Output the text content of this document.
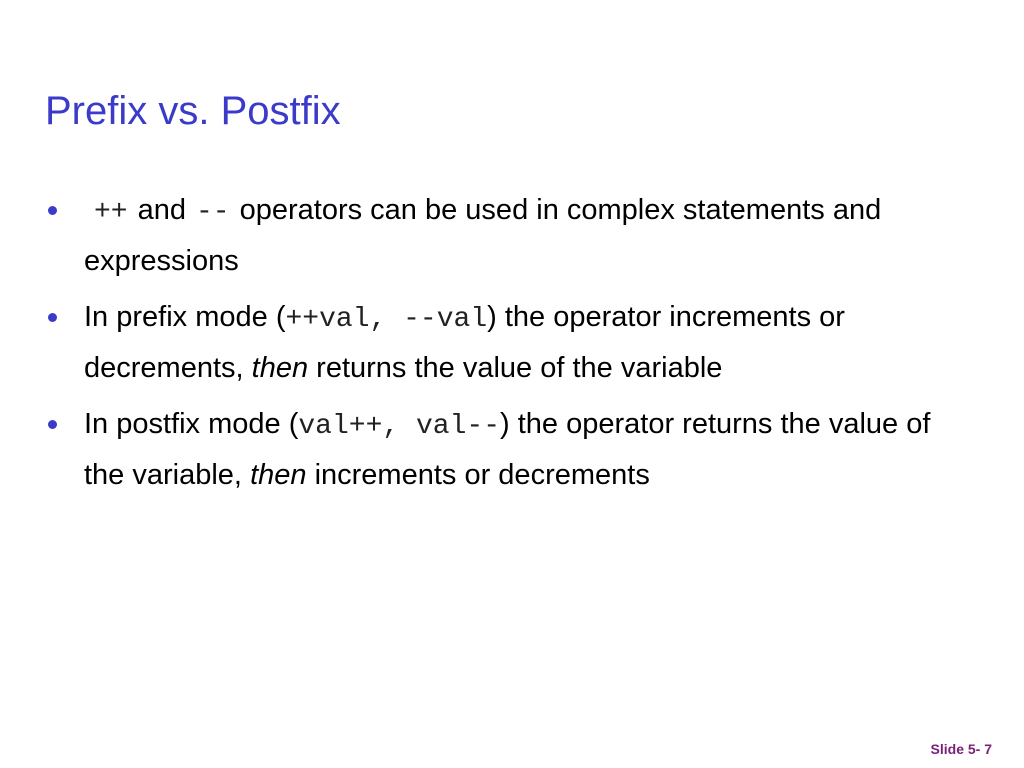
Prefix vs. Postfix
++ and -- operators can be used in complex statements and expressions
In prefix mode (++val, --val) the operator increments or decrements, then returns the value of the variable
In postfix mode (val++, val--) the operator returns the value of the variable, then increments or decrements
Slide 5- 7
